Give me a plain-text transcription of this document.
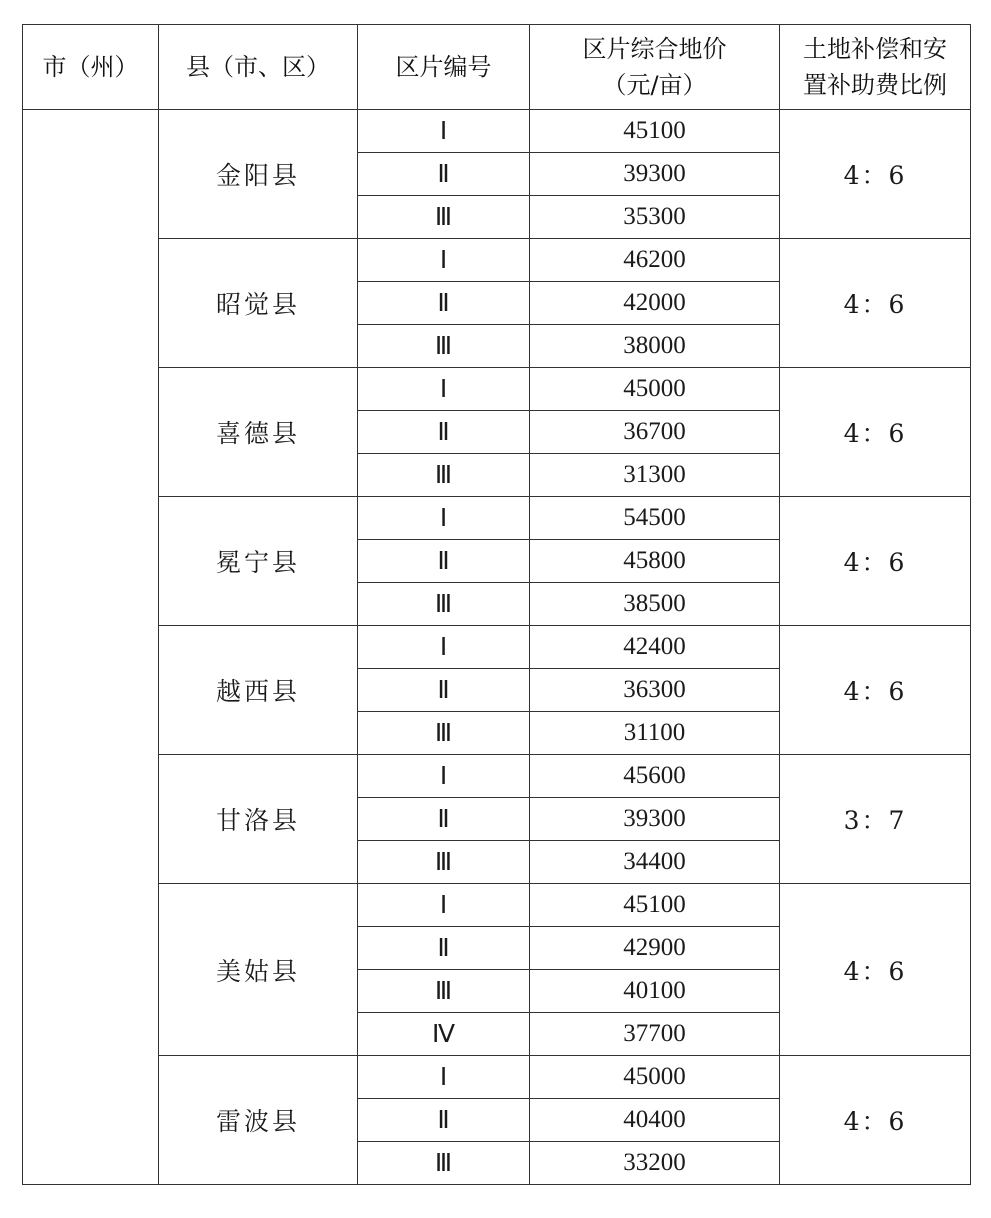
市（州）	县（市、区）	区片编号	区片综合地价
（元/亩）	土地补偿和安
置补助费比例

	金阳县	Ⅰ	45100	4：6
		Ⅱ	39300	
		Ⅲ	35300	
	昭觉县	Ⅰ	46200	4：6
		Ⅱ	42000	
		Ⅲ	38000	
	喜德县	Ⅰ	45000	4：6
		Ⅱ	36700	
		Ⅲ	31300	
	冕宁县	Ⅰ	54500	4：6
		Ⅱ	45800	
		Ⅲ	38500	
	越西县	Ⅰ	42400	4：6
		Ⅱ	36300	
		Ⅲ	31100	
	甘洛县	Ⅰ	45600	3：7
		Ⅱ	39300	
		Ⅲ	34400	
	美姑县	Ⅰ	45100	4：6
		Ⅱ	42900	
		Ⅲ	40100	
		Ⅳ	37700	
	雷波县	Ⅰ	45000	4：6
		Ⅱ	40400	
		Ⅲ	33200	
